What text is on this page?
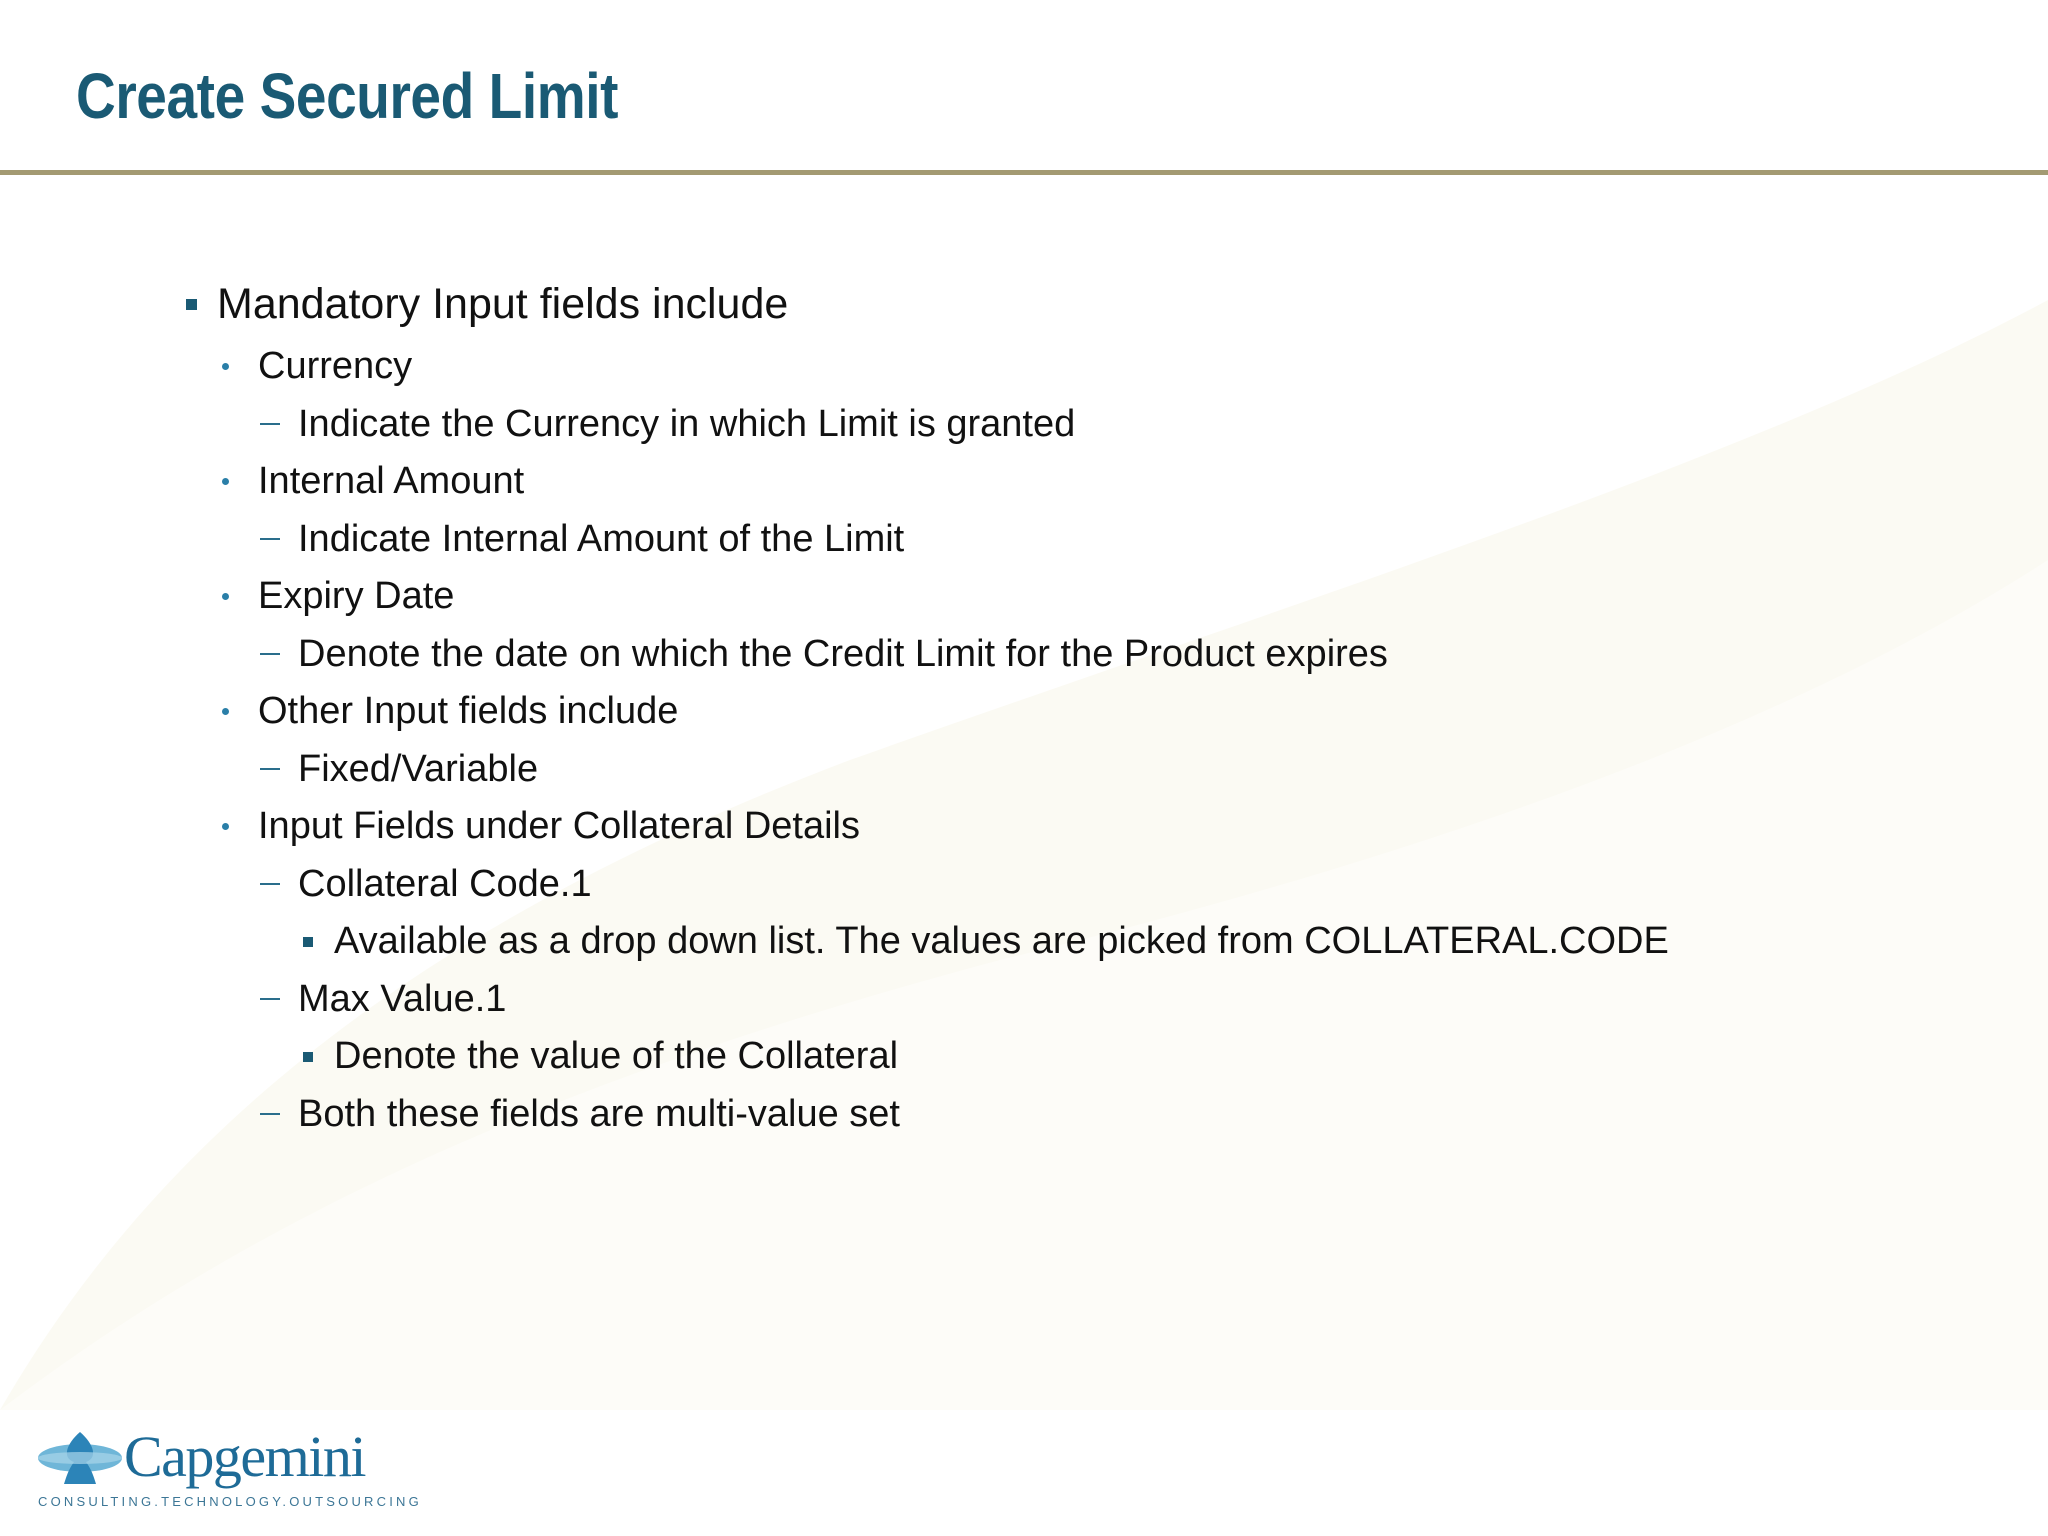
Create Secured Limit
Mandatory Input fields include
Currency
Indicate the Currency in which Limit is granted
Internal Amount
Indicate Internal Amount of the Limit
Expiry Date
Denote the date on which the Credit Limit for the Product expires
Other Input fields include
Fixed/Variable
Input Fields under Collateral Details
Collateral Code.1
Available as a drop down list. The values are picked from COLLATERAL.CODE
Max Value.1
Denote the value of the Collateral
Both these fields are multi-value set
Capgemini
CONSULTING.TECHNOLOGY.OUTSOURCING
